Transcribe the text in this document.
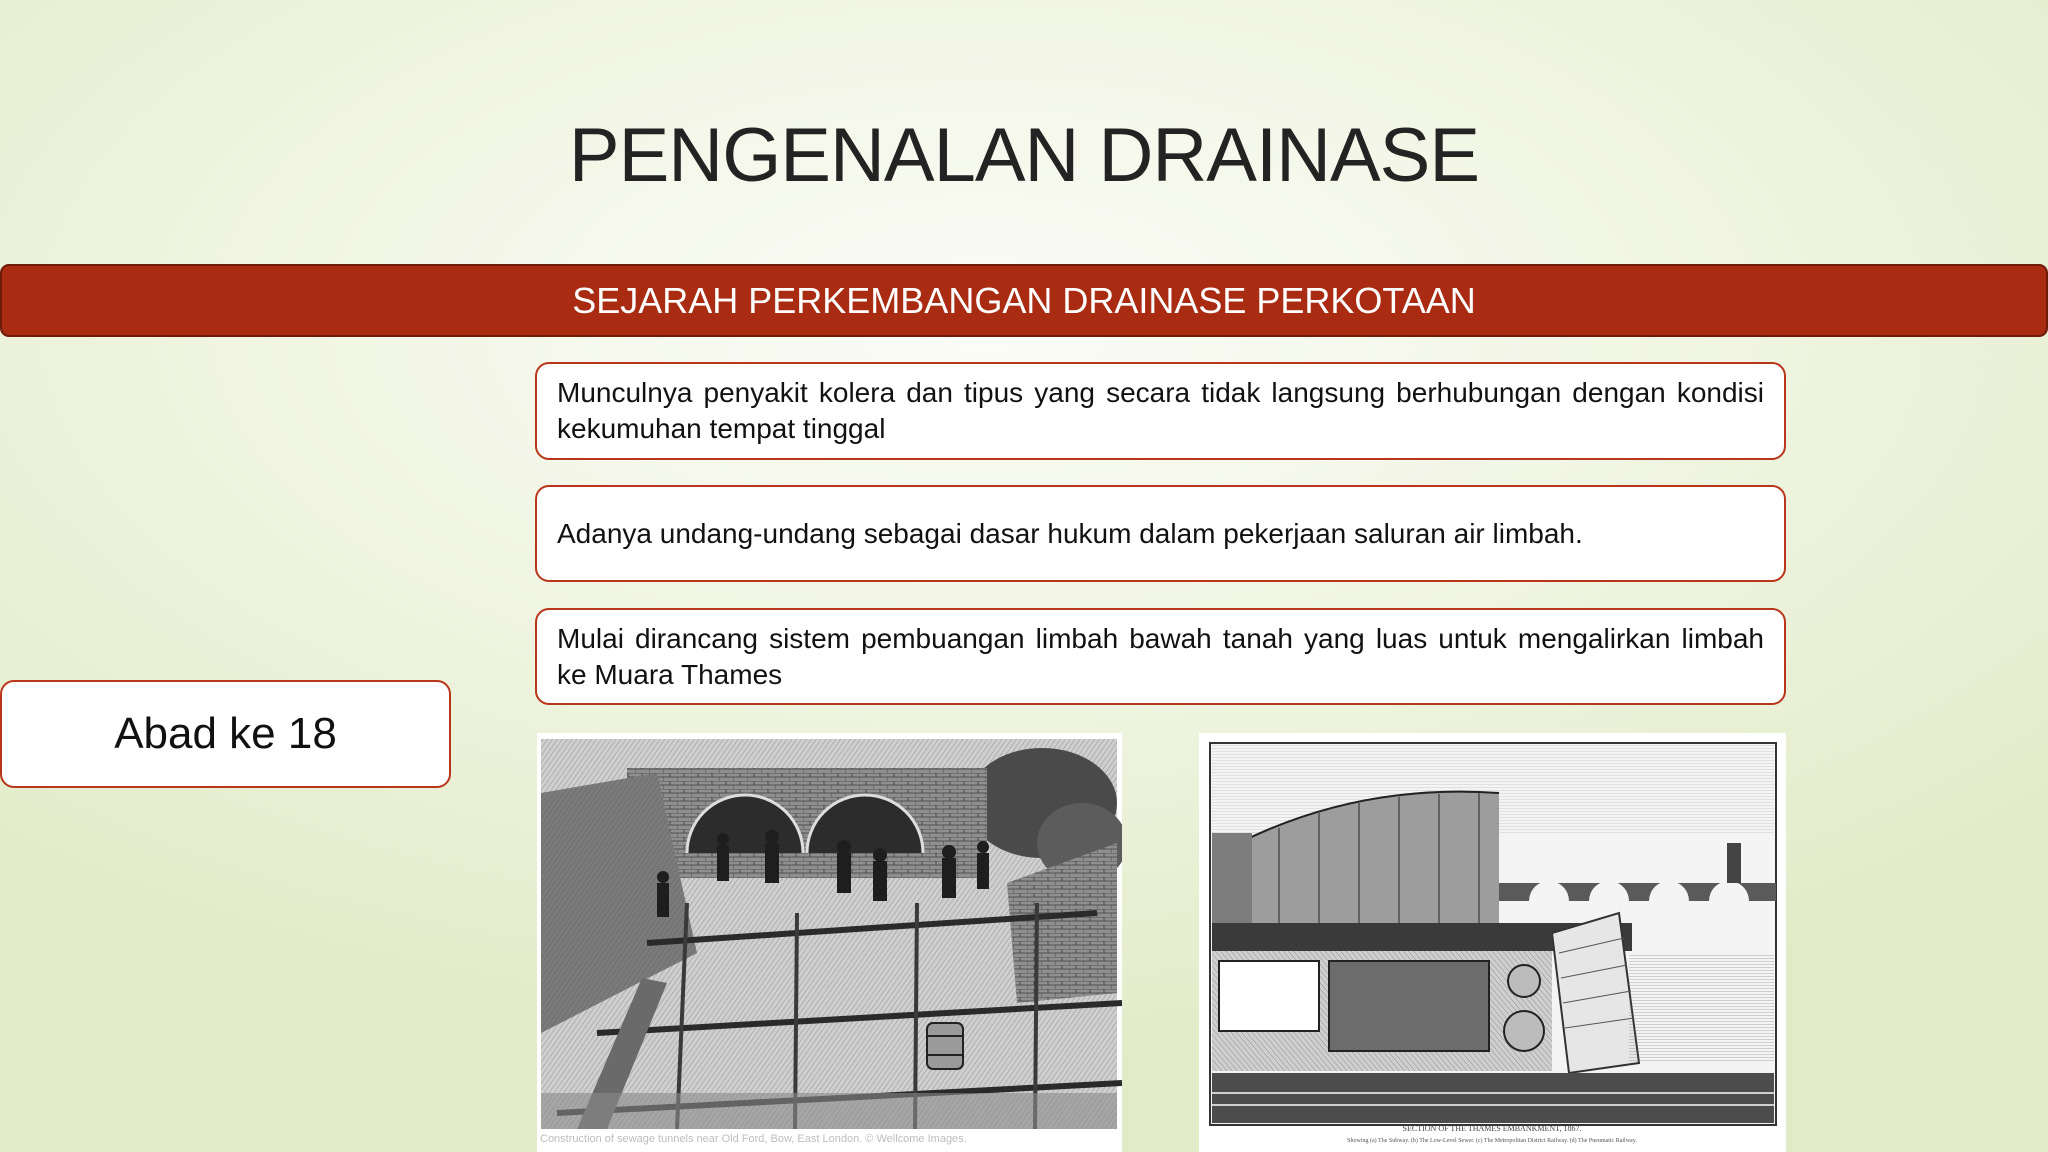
PENGENALAN DRAINASE
SEJARAH PERKEMBANGAN DRAINASE PERKOTAAN

Munculnya penyakit kolera dan tipus yang secara tidak langsung berhubungan dengan kondisi kekumuhan tempat tinggal

Adanya undang-undang sebagai dasar hukum dalam pekerjaan saluran air limbah.

Mulai dirancang sistem pembuangan limbah bawah tanah yang luas untuk mengalirkan limbah ke Muara Thames

Abad ke 18
Construction of sewage tunnels near Old Ford, Bow, East London. © Wellcome Images.
SECTION OF THE THAMES EMBANKMENT, 1867.
Showing (a) The Subway. (b) The Low-Level Sewer. (c) The Metropolitan District Railway. (d) The Pneumatic Railway.
